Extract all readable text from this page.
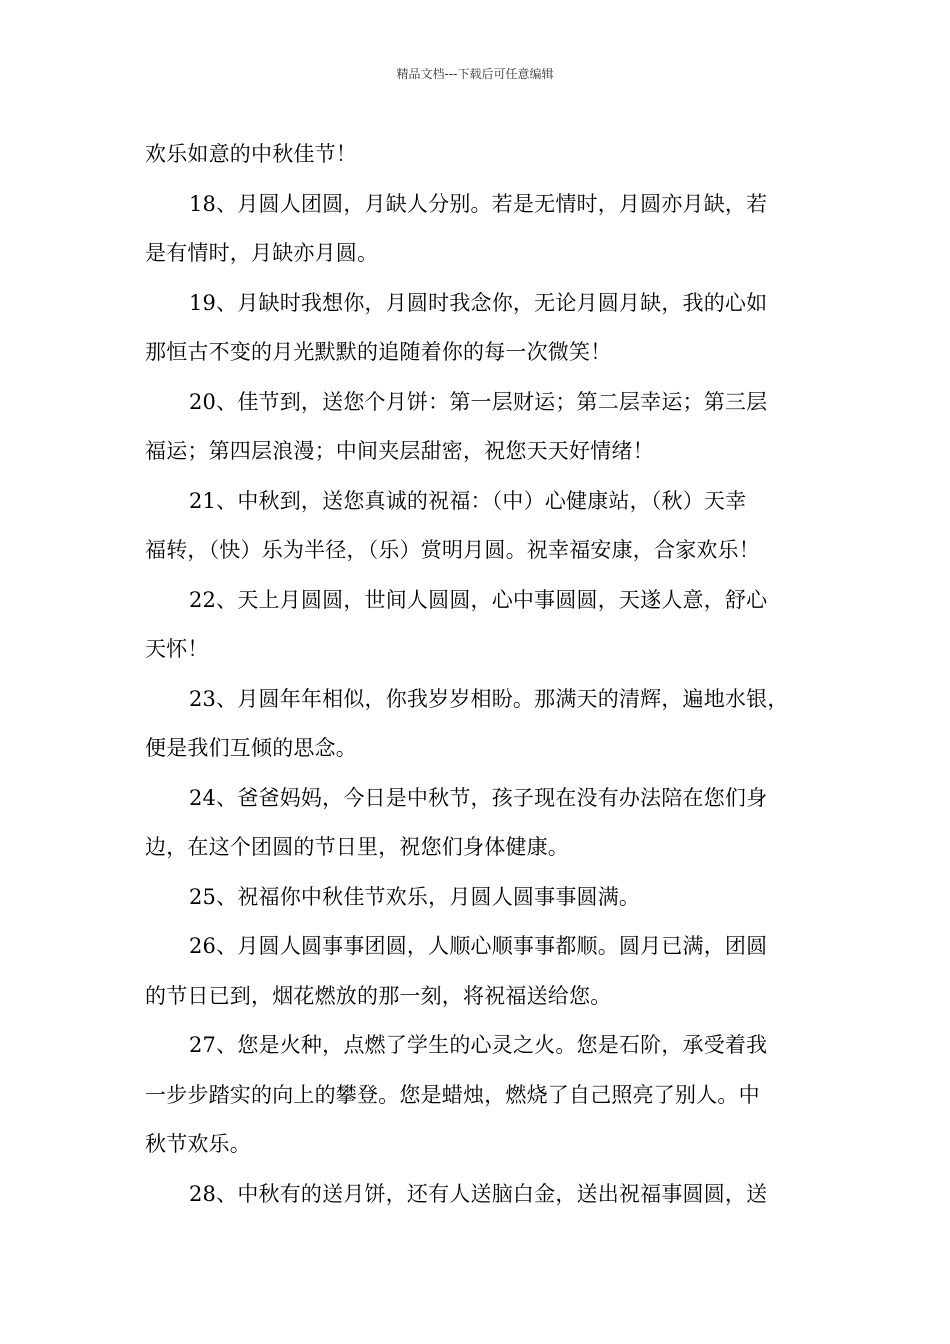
精品文档---下载后可任意编辑

欢乐如意的中秋佳节！

18、月圆人团圆，月缺人分别。若是无情时，月圆亦月缺，若
是有情时，月缺亦月圆。

19、月缺时我想你，月圆时我念你，无论月圆月缺，我的心如
那恒古不变的月光默默的追随着你的每一次微笑！

20、佳节到，送您个月饼：第一层财运；第二层幸运；第三层
福运；第四层浪漫；中间夹层甜密，祝您天天好情绪！

21、中秋到，送您真诚的祝福：（中）心健康站，（秋）天幸
福转，（快）乐为半径，（乐）赏明月圆。祝幸福安康，合家欢乐！

22、天上月圆圆，世间人圆圆，心中事圆圆，天遂人意，舒心
天怀！

23、月圆年年相似，你我岁岁相盼。那满天的清辉，遍地水银，
便是我们互倾的思念。

24、爸爸妈妈，今日是中秋节，孩子现在没有办法陪在您们身
边，在这个团圆的节日里，祝您们身体健康。

25、祝福你中秋佳节欢乐，月圆人圆事事圆满。

26、月圆人圆事事团圆，人顺心顺事事都顺。圆月已满，团圆
的节日已到，烟花燃放的那一刻，将祝福送给您。

27、您是火种，点燃了学生的心灵之火。您是石阶，承受着我
一步步踏实的向上的攀登。您是蜡烛，燃烧了自己照亮了别人。中
秋节欢乐。

28、中秋有的送月饼，还有人送脑白金，送出祝福事圆圆，送
